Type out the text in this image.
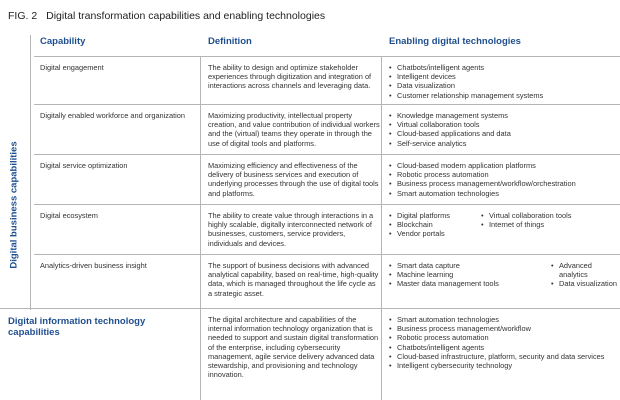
FIG. 2 Digital transformation capabilities and enabling technologies
Capability	Definition	Enabling digital technologies
Digital business capabilities
Digital engagement	The ability to design and optimize stakeholder experiences through digitization and integration of interactions across channels and leveraging data.
• Chatbots/intelligent agents
• Intelligent devices
• Data visualization
• Customer relationship management systems
Digitally enabled workforce and organization	Maximizing productivity, intellectual property creation, and value contribution of individual workers and the (virtual) teams they operate in through the use of digital tools and platforms.
• Knowledge management systems
• Virtual collaboration tools
• Cloud-based applications and data
• Self-service analytics
Digital service optimization	Maximizing efficiency and effectiveness of the delivery of business services and execution of underlying processes through the use of digital tools and platforms.
• Cloud-based modern application platforms
• Robotic process automation
• Business process management/workflow/orchestration
• Smart automation technologies
Digital ecosystem	The ability to create value through interactions in a highly scalable, digitally interconnected network of businesses, customers, service providers, individuals and devices.
• Digital platforms
• Blockchain
• Vendor portals
• Virtual collaboration tools
• Internet of things
Analytics-driven business insight	The support of business decisions with advanced analytical capability, based on real-time, high-quality data, which is managed throughout the life cycle as a strategic asset.
• Smart data capture
• Machine learning
• Master data management tools
• Advanced analytics
• Data visualization
Digital information technology capabilities
The digital architecture and capabilities of the internal information technology organization that is needed to support and sustain digital transformation of the enterprise, including cybersecurity management, agile service delivery advanced data stewardship, and provisioning and technology innovation.
• Smart automation technologies
• Business process management/workflow
• Robotic process automation
• Chatbots/intelligent agents
• Cloud-based infrastructure, platform, security and data services
• Intelligent cybersecurity technology
